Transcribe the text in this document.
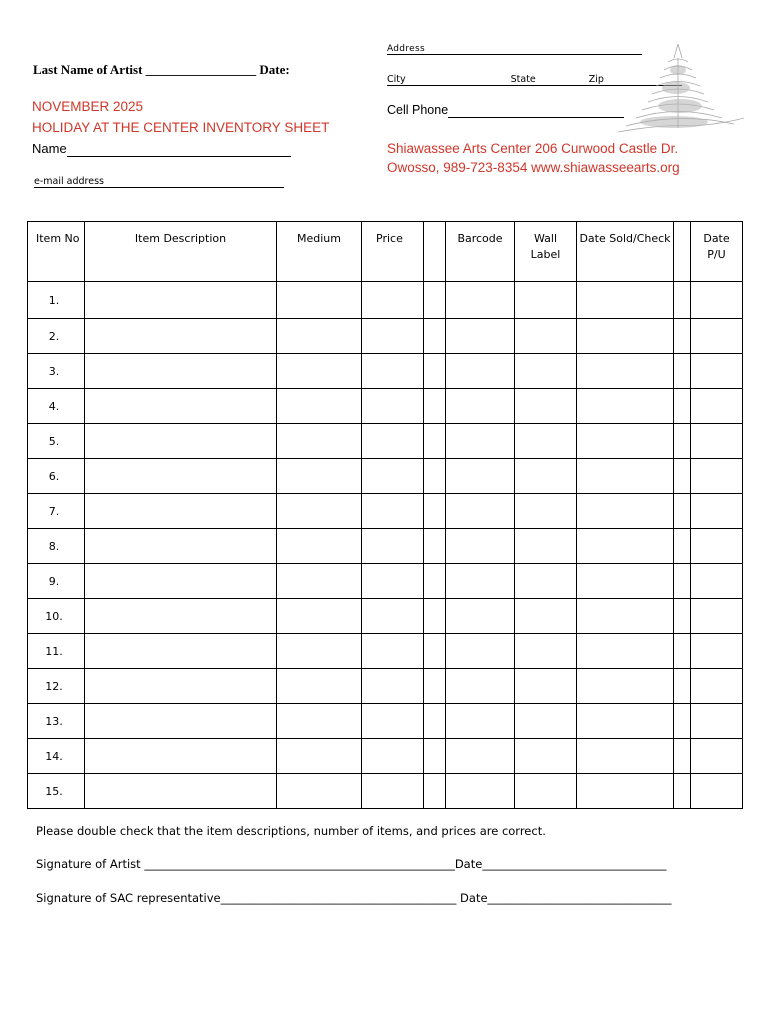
Last Name of Artist _________________ Date:
NOVEMBER 2025
HOLIDAY AT THE CENTER INVENTORY SHEET
Name
e-mail address
Address
City	State	Zip
Cell Phone
Shiawassee Arts Center 206 Curwood Castle Dr.
Owosso, 989-723-8354 www.shiawasseearts.org
Item No	Item Description	Medium	Price		Barcode	Wall Label	Date Sold/Check		Date P/U
1.									
2.									
3.									
4.									
5.									
6.									
7.									
8.									
9.									
10.									
11.									
12.									
13.									
14.									
15.									
Please double check that the item descriptions, number of items, and prices are correct.
Signature of Artist ______________________________________________________Date________________________________
Signature of SAC representative_________________________________________ Date________________________________
